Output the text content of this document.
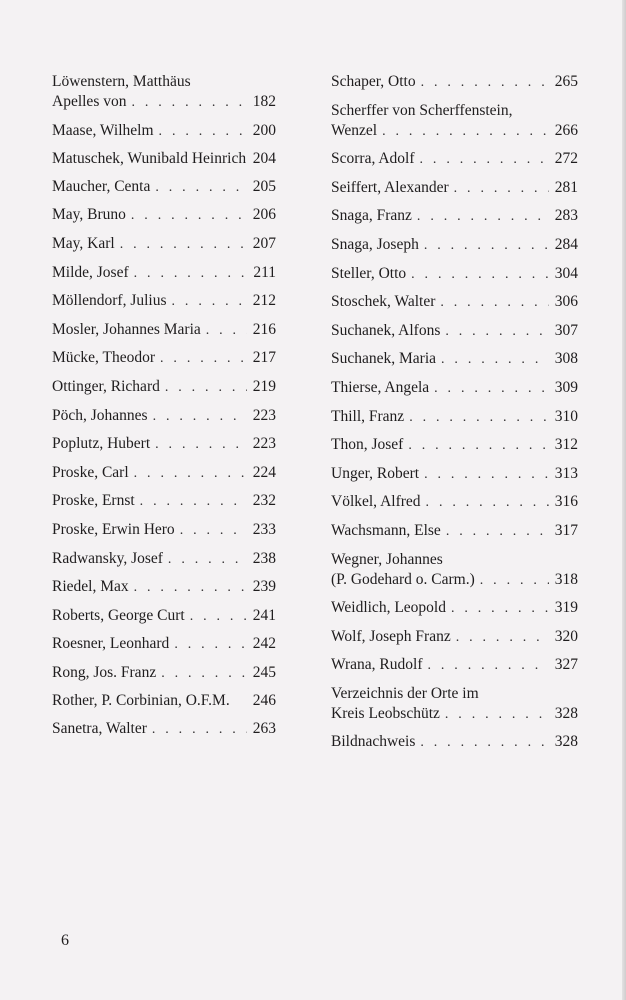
Löwenstern, Matthäus
Apelles von . . .	182
Maase, Wilhelm . . .	200
Matuschek, Wunibald Heinrich 204
Maucher, Centa . . .	205
May, Bruno . . .	206
May, Karl . . .	207
Milde, Josef . . .	211
Möllendorf, Julius . . .	212
Mosler, Johannes Maria . . .	216
Mücke, Theodor . . .	217
Ottinger, Richard . . .	219
Pöch, Johannes . . .	223
Poplutz, Hubert . . .	223
Proske, Carl . . .	224
Proske, Ernst . . .	232
Proske, Erwin Hero . . .	233
Radwansky, Josef . . .	238
Riedel, Max . . .	239
Roberts, George Curt . . .	241
Roesner, Leonhard . . .	242
Rong, Jos. Franz . . .	245
Rother, P. Corbinian, O.F.M. 246
Sanetra, Walter . . .	263
Schaper, Otto . . .	265
Scherffer von Scherffenstein,
Wenzel . . .	266
Scorra, Adolf . . .	272
Seiffert, Alexander . . .	281
Snaga, Franz . . .	283
Snaga, Joseph . . .	284
Steller, Otto . . .	304
Stoschek, Walter . . .	306
Suchanek, Alfons . . .	307
Suchanek, Maria . . .	308
Thierse, Angela . . .	309
Thill, Franz . . .	310
Thon, Josef . . .	312
Unger, Robert . . .	313
Völkel, Alfred . . .	316
Wachsmann, Else . . .	317
Wegner, Johannes
(P. Godehard o. Carm.) . . .	318
Weidlich, Leopold . . .	319
Wolf, Joseph Franz . . .	320
Wrana, Rudolf . . .	327
Verzeichnis der Orte im
Kreis Leobschütz . . .	328
Bildnachweis . . .	328
6
